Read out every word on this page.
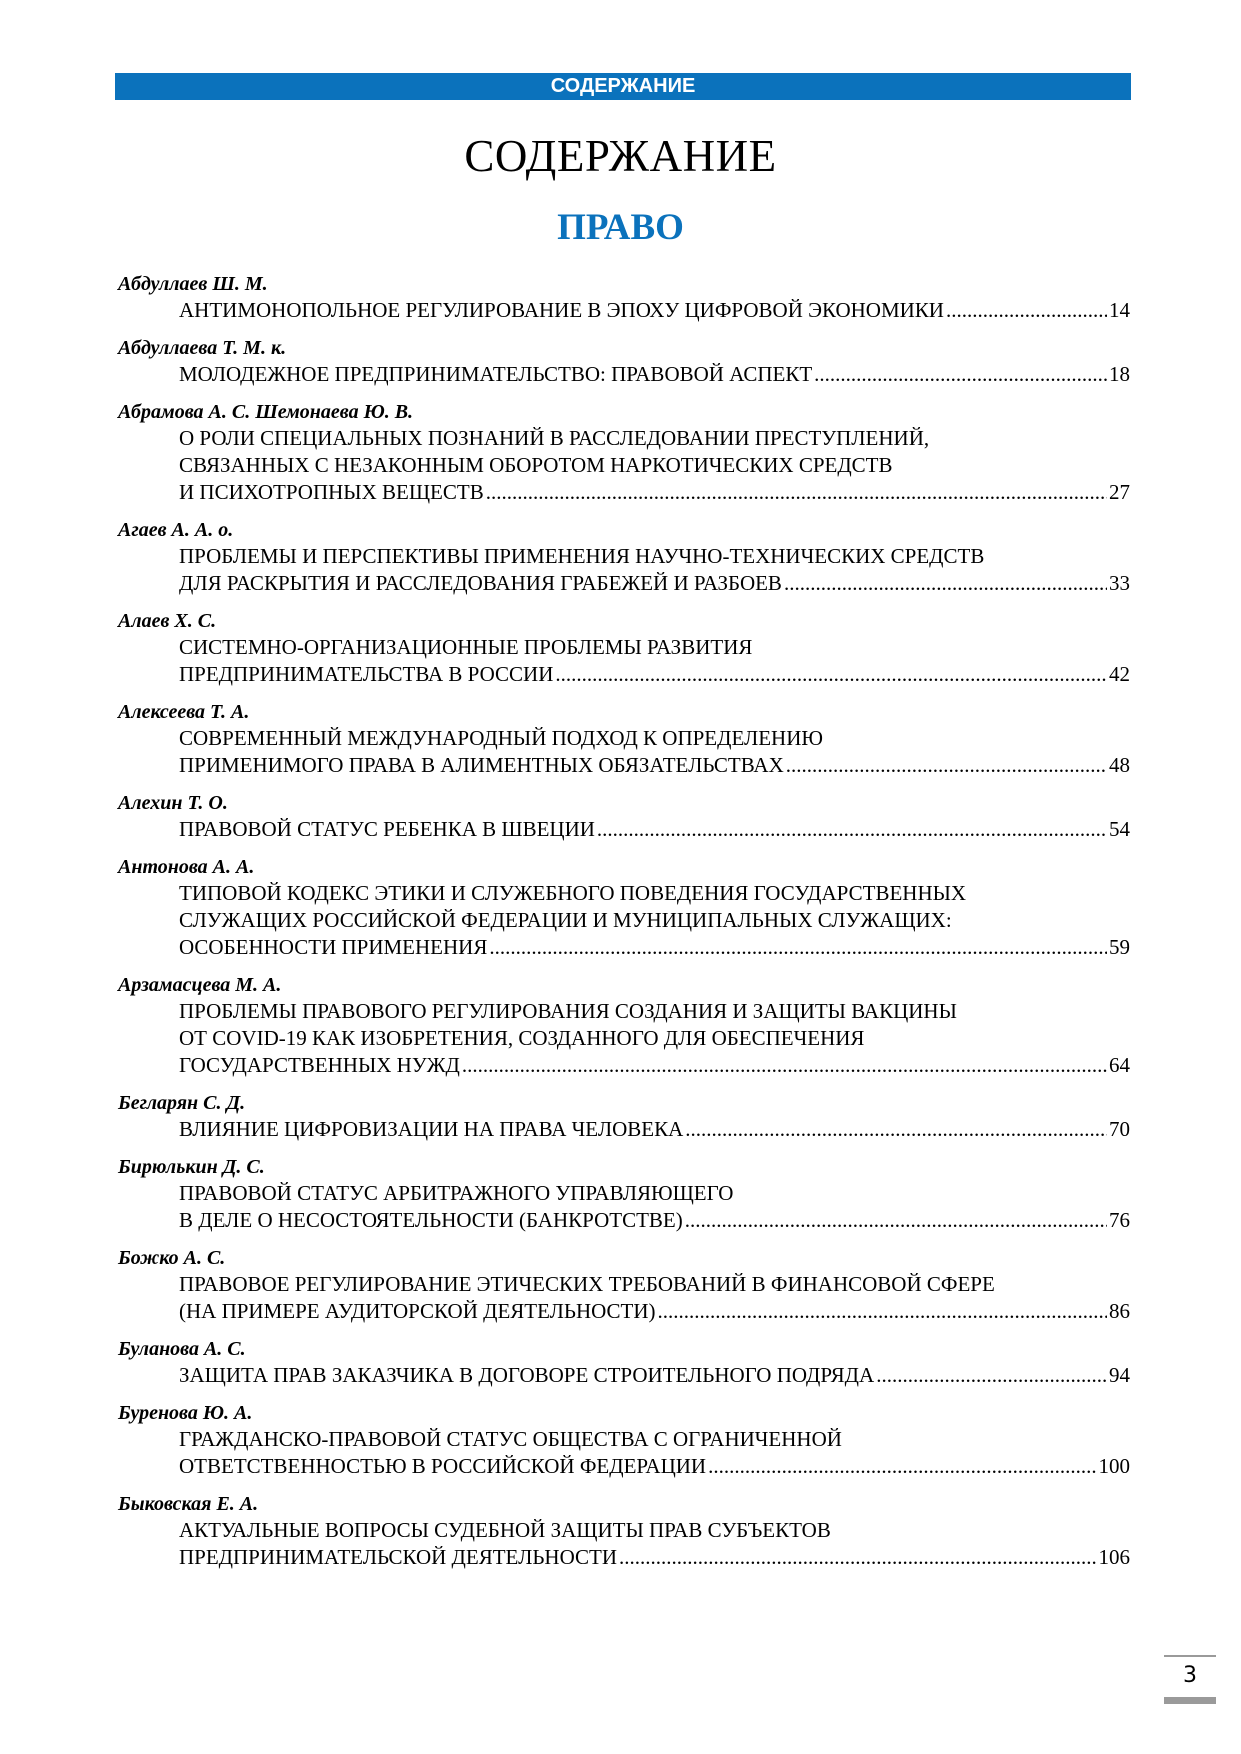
СОДЕРЖАНИЕ
СОДЕРЖАНИЕ
ПРАВО
Абдуллаев Ш. М.
АНТИМОНОПОЛЬНОЕ РЕГУЛИРОВАНИЕ В ЭПОХУ ЦИФРОВОЙ ЭКОНОМИКИ .....	14
Абдуллаева Т. М. к.
МОЛОДЕЖНОЕ ПРЕДПРИНИМАТЕЛЬСТВО: ПРАВОВОЙ АСПЕКТ .....	18
Абрамова А. С. Шемонаева Ю. В.
О РОЛИ СПЕЦИАЛЬНЫХ ПОЗНАНИЙ В РАССЛЕДОВАНИИ ПРЕСТУПЛЕНИЙ,
СВЯЗАННЫХ С НЕЗАКОННЫМ ОБОРОТОМ НАРКОТИЧЕСКИХ СРЕДСТВ
И ПСИХОТРОПНЫХ ВЕЩЕСТВ .....	27
Агаев А. А. о.
ПРОБЛЕМЫ И ПЕРСПЕКТИВЫ ПРИМЕНЕНИЯ НАУЧНО-ТЕХНИЧЕСКИХ СРЕДСТВ
ДЛЯ РАСКРЫТИЯ И РАССЛЕДОВАНИЯ ГРАБЕЖЕЙ И РАЗБОЕВ .....	33
Алаев Х. С.
СИСТЕМНО-ОРГАНИЗАЦИОННЫЕ ПРОБЛЕМЫ РАЗВИТИЯ
ПРЕДПРИНИМАТЕЛЬСТВА В РОССИИ .....	42
Алексеева Т. А.
СОВРЕМЕННЫЙ МЕЖДУНАРОДНЫЙ ПОДХОД К ОПРЕДЕЛЕНИЮ
ПРИМЕНИМОГО ПРАВА В АЛИМЕНТНЫХ ОБЯЗАТЕЛЬСТВАХ .....	48
Алехин Т. О.
ПРАВОВОЙ СТАТУС РЕБЕНКА В ШВЕЦИИ .....	54
Антонова А. А.
ТИПОВОЙ КОДЕКС ЭТИКИ И СЛУЖЕБНОГО ПОВЕДЕНИЯ ГОСУДАРСТВЕННЫХ
СЛУЖАЩИХ РОССИЙСКОЙ ФЕДЕРАЦИИ И МУНИЦИПАЛЬНЫХ СЛУЖАЩИХ:
ОСОБЕННОСТИ ПРИМЕНЕНИЯ .....	59
Арзамасцева М. А.
ПРОБЛЕМЫ ПРАВОВОГО РЕГУЛИРОВАНИЯ СОЗДАНИЯ И ЗАЩИТЫ ВАКЦИНЫ
ОТ COVID-19 КАК ИЗОБРЕТЕНИЯ, СОЗДАННОГО ДЛЯ ОБЕСПЕЧЕНИЯ
ГОСУДАРСТВЕННЫХ НУЖД .....	64
Бегларян С. Д.
ВЛИЯНИЕ ЦИФРОВИЗАЦИИ НА ПРАВА ЧЕЛОВЕКА .....	70
Бирюлькин Д. С.
ПРАВОВОЙ СТАТУС АРБИТРАЖНОГО УПРАВЛЯЮЩЕГО
В ДЕЛЕ О НЕСОСТОЯТЕЛЬНОСТИ (БАНКРОТСТВЕ) .....	76
Божко А. С.
ПРАВОВОЕ РЕГУЛИРОВАНИЕ ЭТИЧЕСКИХ ТРЕБОВАНИЙ В ФИНАНСОВОЙ СФЕРЕ
(НА ПРИМЕРЕ АУДИТОРСКОЙ ДЕЯТЕЛЬНОСТИ) .....	86
Буланова А. С.
ЗАЩИТА ПРАВ ЗАКАЗЧИКА В ДОГОВОРЕ СТРОИТЕЛЬНОГО ПОДРЯДА .....	94
Буренова Ю. А.
ГРАЖДАНСКО-ПРАВОВОЙ СТАТУС ОБЩЕСТВА С ОГРАНИЧЕННОЙ
ОТВЕТСТВЕННОСТЬЮ В РОССИЙСКОЙ ФЕДЕРАЦИИ .....	100
Быковская Е. А.
АКТУАЛЬНЫЕ ВОПРОСЫ СУДЕБНОЙ ЗАЩИТЫ ПРАВ СУБЪЕКТОВ
ПРЕДПРИНИМАТЕЛЬСКОЙ ДЕЯТЕЛЬНОСТИ .....	106
3
